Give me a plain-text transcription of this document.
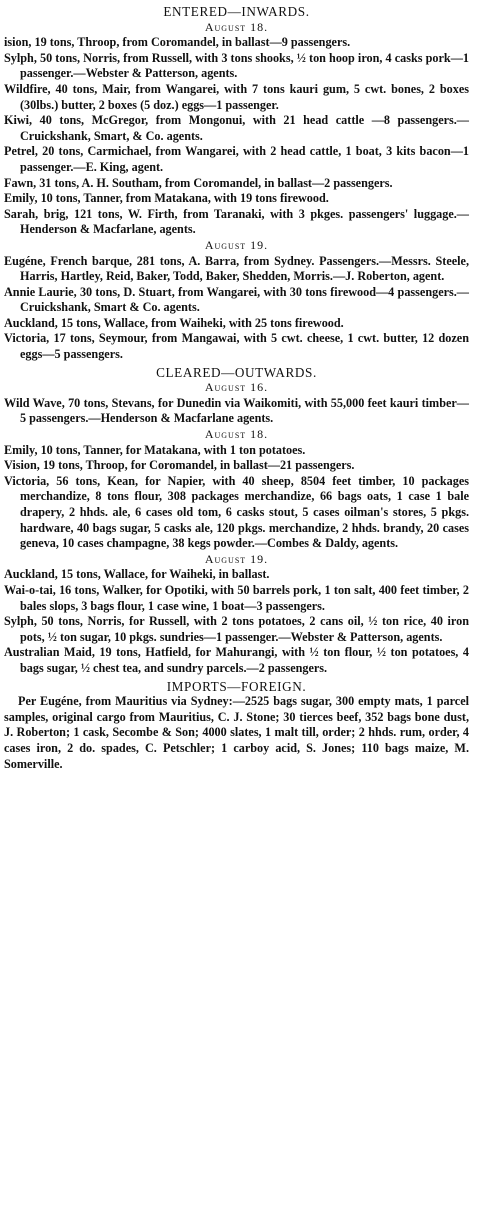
ENTERED—INWARDS.

August 18.

ision, 19 tons, Throop, from Coromandel, in ballast—9 passengers.

Sylph, 50 tons, Norris, from Russell, with 3 tons shooks, ½ ton hoop iron, 4 casks pork—1 passenger.—Webster & Patterson, agents.

Wildfire, 40 tons, Mair, from Wangarei, with 7 tons kauri gum, 5 cwt. bones, 2 boxes (30lbs.) butter, 2 boxes (5 doz.) eggs—1 passenger.

Kiwi, 40 tons, McGregor, from Mongonui, with 21 head cattle —8 passengers.—Cruickshank, Smart, & Co. agents.

Petrel, 20 tons, Carmichael, from Wangarei, with 2 head cattle, 1 boat, 3 kits bacon—1 passenger.—E. King, agent.

Fawn, 31 tons, A. H. Southam, from Coromandel, in ballast—2 passengers.

Emily, 10 tons, Tanner, from Matakana, with 19 tons firewood.

Sarah, brig, 121 tons, W. Firth, from Taranaki, with 3 pkges. passengers' luggage.—Henderson & Macfarlane, agents.

August 19.

Eugéne, French barque, 281 tons, A. Barra, from Sydney. Passengers.—Messrs. Steele, Harris, Hartley, Reid, Baker, Todd, Baker, Shedden, Morris.—J. Roberton, agent.

Annie Laurie, 30 tons, D. Stuart, from Wangarei, with 30 tons firewood—4 passengers.—Cruickshank, Smart & Co. agents.

Auckland, 15 tons, Wallace, from Waiheki, with 25 tons firewood.

Victoria, 17 tons, Seymour, from Mangawai, with 5 cwt. cheese, 1 cwt. butter, 12 dozen eggs—5 passengers.

CLEARED—OUTWARDS.

August 16.

Wild Wave, 70 tons, Stevans, for Dunedin via Waikomiti, with 55,000 feet kauri timber—5 passengers.—Henderson & Macfarlane agents.

August 18.

Emily, 10 tons, Tanner, for Matakana, with 1 ton potatoes.

Vision, 19 tons, Throop, for Coromandel, in ballast—21 passengers.

Victoria, 56 tons, Kean, for Napier, with 40 sheep, 8504 feet timber, 10 packages merchandize, 8 tons flour, 308 packages merchandize, 66 bags oats, 1 case 1 bale drapery, 2 hhds. ale, 6 cases old tom, 6 casks stout, 5 cases oilman's stores, 5 pkgs. hardware, 40 bags sugar, 5 casks ale, 120 pkgs. merchandize, 2 hhds. brandy, 20 cases geneva, 10 cases champagne, 38 kegs powder.—Combes & Daldy, agents.

August 19.

Auckland, 15 tons, Wallace, for Waiheki, in ballast.

Wai-o-tai, 16 tons, Walker, for Opotiki, with 50 barrels pork, 1 ton salt, 400 feet timber, 2 bales slops, 3 bags flour, 1 case wine, 1 boat—3 passengers.

Sylph, 50 tons, Norris, for Russell, with 2 tons potatoes, 2 cans oil, ½ ton rice, 40 iron pots, ½ ton sugar, 10 pkgs. sundries—1 passenger.—Webster & Patterson, agents.

Australian Maid, 19 tons, Hatfield, for Mahurangi, with ½ ton flour, ½ ton potatoes, 4 bags sugar, ½ chest tea, and sundry parcels.—2 passengers.

IMPORTS—FOREIGN.

Per Eugéne, from Mauritius via Sydney:—2525 bags sugar, 300 empty mats, 1 parcel samples, original cargo from Mauritius, C. J. Stone; 30 tierces beef, 352 bags bone dust, J. Roberton; 1 cask, Secombe & Son; 4000 slates, 1 malt till, order; 2 hhds. rum, order, 4 cases iron, 2 do. spades, C. Petschler; 1 carboy acid, S. Jones; 110 bags maize, M. Somerville.
